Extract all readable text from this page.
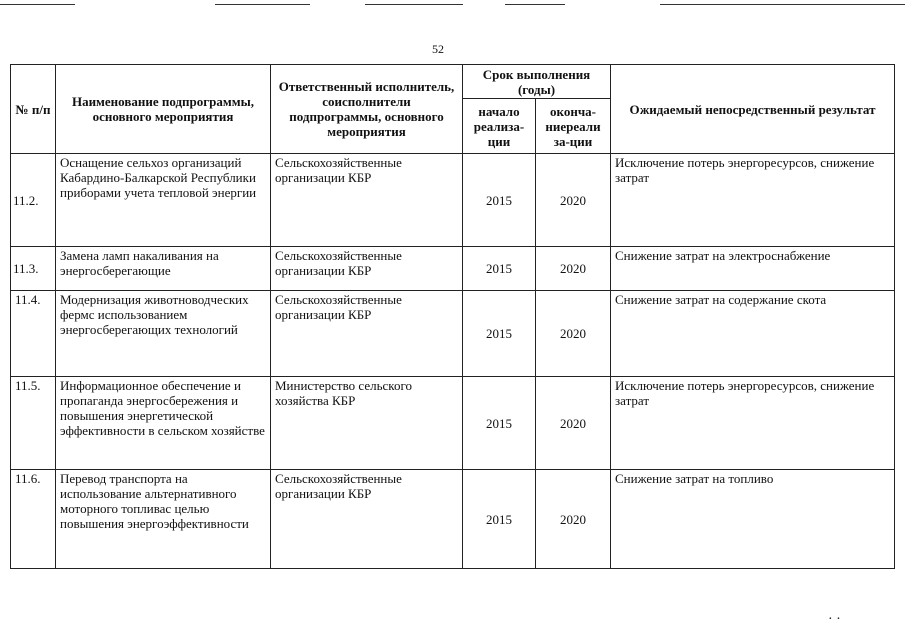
52
№ п/п	Наименование подпрограммы, основного мероприятия	Ответственный исполнитель, соисполнители подпрограммы, основного мероприятия	Срок выполнения (годы)		Ожидаемый непосредственный результат
			начало реализа-ции	оконча-ниереали за-ции	
11.2.	Оснащение сельхоз организаций Кабардино-Балкарской Республики приборами учета тепловой энергии	Сельскохозяйственные организации КБР	2015	2020	Исключение потерь энергоресурсов, снижение затрат
11.3.	Замена ламп накаливания на энергосберегающие	Сельскохозяйственные организации КБР	2015	2020	Снижение затрат на электроснабжение
11.4.	Модернизация животноводческих фермс использованием энергосберегающих технологий	Сельскохозяйственные организации КБР	2015	2020	Снижение затрат на содержание скота
11.5.	Информационное обеспечение и пропаганда энергосбережения и повышения энергетической эффективности в сельском хозяйстве	Министерство сельского хозяйства КБР	2015	2020	Исключение потерь энергоресурсов, снижение затрат
11.6.	Перевод транспорта на использование альтернативного моторного топливас целью повышения энергоэффективности	Сельскохозяйственные организации КБР	2015	2020	Снижение затрат на топливо
· ·
